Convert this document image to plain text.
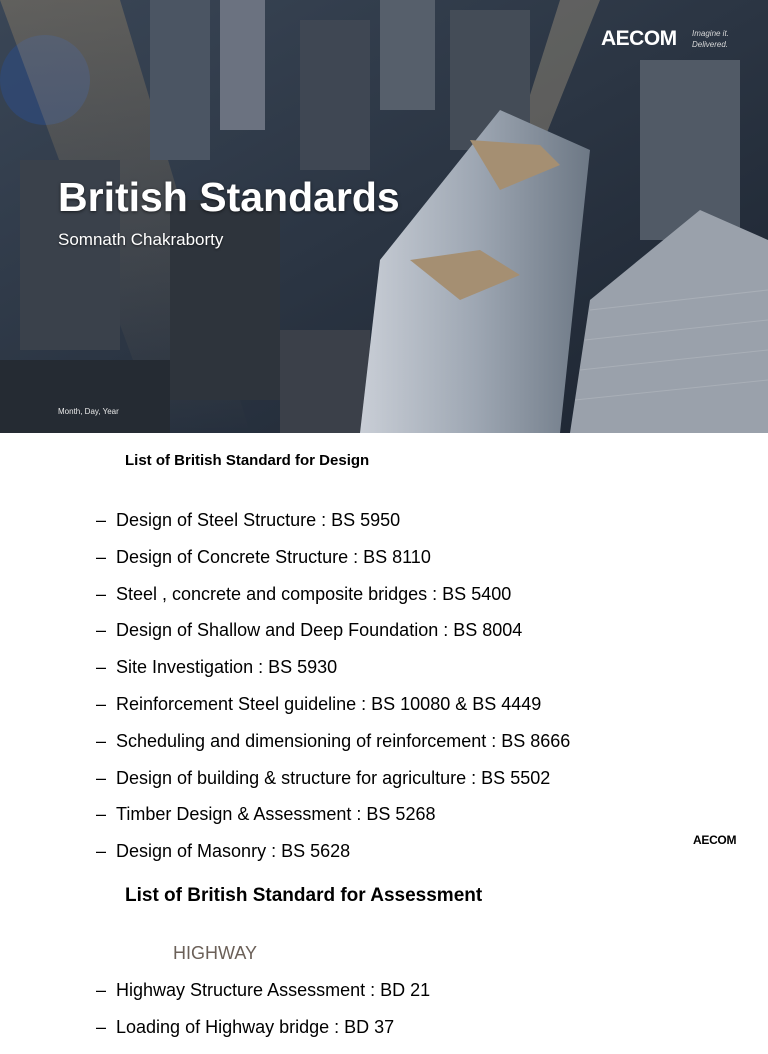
British Standards
Somnath Chakraborty
Month, Day, Year
AECOM Imagine it. Delivered.
List of British Standard for Design
– Design of Steel Structure : BS 5950
– Design of Concrete Structure : BS 8110
– Steel , concrete and composite bridges : BS 5400
– Design of Shallow and Deep Foundation : BS 8004
– Site Investigation : BS 5930
– Reinforcement Steel guideline : BS 10080 & BS 4449
– Scheduling and dimensioning of reinforcement : BS 8666
– Design of building & structure for agriculture : BS 5502
– Timber Design & Assessment : BS 5268
– Design of Masonry : BS 5628
AECOM
List of British Standard for Assessment
HIGHWAY
– Highway Structure Assessment : BD 21
– Loading of Highway bridge : BD 37
